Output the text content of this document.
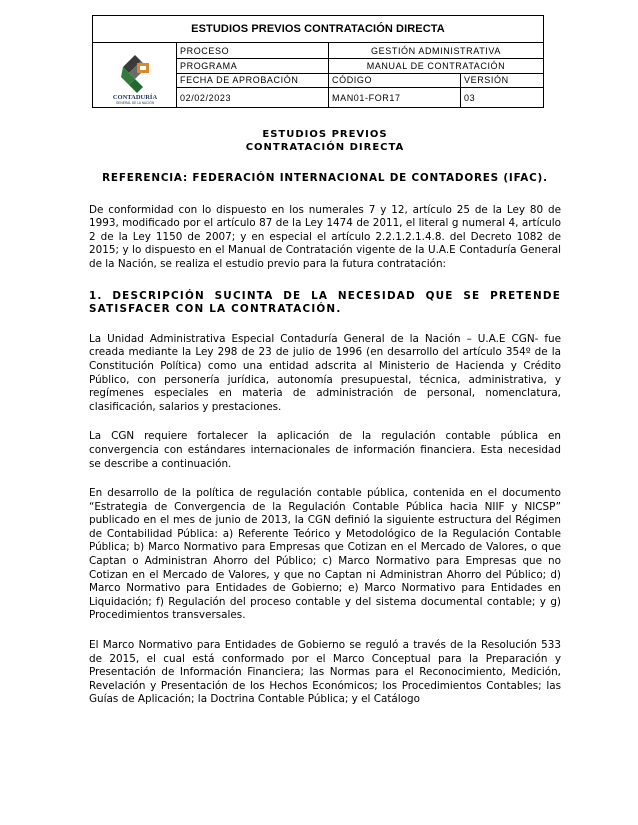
ESTUDIOS PREVIOS CONTRATACIÓN DIRECTA
CONTADURÍA
GENERAL DE LA NACIÓN
PROCESO	GESTIÓN ADMINISTRATIVA
PROGRAMA	MANUAL DE CONTRATACIÓN
FECHA DE APROBACIÓN	CÓDIGO	VERSIÓN
02/02/2023	MAN01-FOR17	03
ESTUDIOS PREVIOS
CONTRATACIÓN DIRECTA
REFERENCIA: FEDERACIÓN INTERNACIONAL DE CONTADORES (IFAC).

De conformidad con lo dispuesto en los numerales 7 y 12, artículo 25 de la Ley 80 de 1993, modificado por el artículo 87 de la Ley 1474 de 2011, el literal g numeral 4, artículo 2 de la Ley 1150 de 2007; y en especial el artículo 2.2.1.2.1.4.8. del Decreto 1082 de 2015; y lo dispuesto en el Manual de Contratación vigente de la U.A.E Contaduría General de la Nación, se realiza el estudio previo para la futura contratación:

1. DESCRIPCIÓN SUCINTA DE LA NECESIDAD QUE SE PRETENDE SATISFACER CON LA CONTRATACIÓN.

La Unidad Administrativa Especial Contaduría General de la Nación – U.A.E CGN- fue creada mediante la Ley 298 de 23 de julio de 1996 (en desarrollo del artículo 354º de la Constitución Política) como una entidad adscrita al Ministerio de Hacienda y Crédito Público, con personería jurídica, autonomía presupuestal, técnica, administrativa, y regímenes especiales en materia de administración de personal, nomenclatura, clasificación, salarios y prestaciones.

La CGN requiere fortalecer la aplicación de la regulación contable pública en convergencia con estándares internacionales de información financiera. Esta necesidad se describe a continuación.

En desarrollo de la política de regulación contable pública, contenida en el documento “Estrategia de Convergencia de la Regulación Contable Pública hacia NIIF y NICSP” publicado en el mes de junio de 2013, la CGN definió la siguiente estructura del Régimen de Contabilidad Pública: a) Referente Teórico y Metodológico de la Regulación Contable Pública; b) Marco Normativo para Empresas que Cotizan en el Mercado de Valores, o que Captan o Administran Ahorro del Público; c) Marco Normativo para Empresas que no Cotizan en el Mercado de Valores, y que no Captan ni Administran Ahorro del Público; d) Marco Normativo para Entidades de Gobierno; e) Marco Normativo para Entidades en Liquidación; f) Regulación del proceso contable y del sistema documental contable; y g) Procedimientos transversales.

El Marco Normativo para Entidades de Gobierno se reguló a través de la Resolución 533 de 2015, el cual está conformado por el Marco Conceptual para la Preparación y Presentación de Información Financiera; las Normas para el Reconocimiento, Medición, Revelación y Presentación de los Hechos Económicos; los Procedimientos Contables; las Guías de Aplicación; la Doctrina Contable Pública; y el Catálogo
